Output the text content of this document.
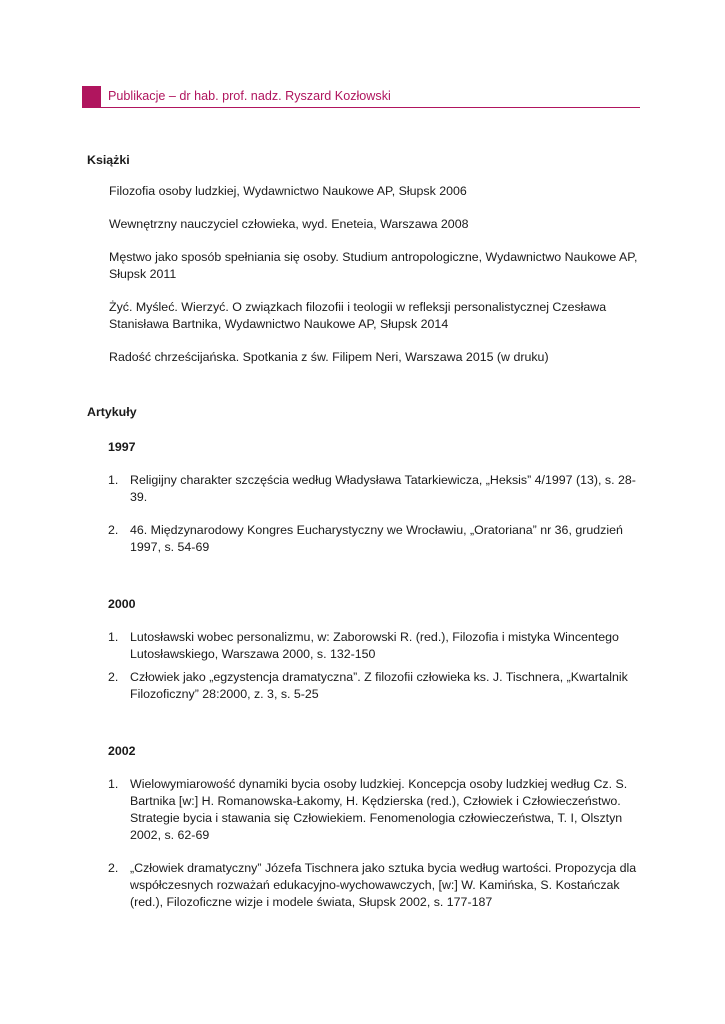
Publikacje – dr hab. prof. nadz. Ryszard Kozłowski

Książki

Filozofia osoby ludzkiej, Wydawnictwo Naukowe AP, Słupsk 2006
Wewnętrzny nauczyciel człowieka, wyd. Eneteia, Warszawa 2008
Męstwo jako sposób spełniania się osoby. Studium antropologiczne, Wydawnictwo Naukowe AP, Słupsk 2011
Żyć. Myśleć. Wierzyć. O związkach filozofii i teologii w refleksji personalistycznej Czesława Stanisława Bartnika, Wydawnictwo Naukowe AP, Słupsk 2014
Radość chrześcijańska. Spotkania z św. Filipem Neri, Warszawa 2015 (w druku)

Artykuły

1997

1. Religijny charakter szczęścia według Władysława Tatarkiewicza, „Heksis” 4/1997 (13), s. 28-39.
2. 46. Międzynarodowy Kongres Eucharystyczny we Wrocławiu, „Oratoriana” nr 36, grudzień 1997, s. 54-69

2000

1. Lutosławski wobec personalizmu, w: Zaborowski R. (red.), Filozofia i mistyka Wincentego Lutosławskiego, Warszawa 2000, s. 132-150
2. Człowiek jako „egzystencja dramatyczna”. Z filozofii człowieka ks. J. Tischnera, „Kwartalnik Filozoficzny” 28:2000, z. 3, s. 5-25

2002

1. Wielowymiarowość dynamiki bycia osoby ludzkiej. Koncepcja osoby ludzkiej według Cz. S. Bartnika [w:] H. Romanowska-Łakomy, H. Kędzierska (red.), Człowiek i Człowieczeństwo. Strategie bycia i stawania się Człowiekiem. Fenomenologia człowieczeństwa, T. I, Olsztyn 2002, s. 62-69
2. „Człowiek dramatyczny” Józefa Tischnera jako sztuka bycia według wartości. Propozycja dla współczesnych rozważań edukacyjno-wychowawczych, [w:] W. Kamińska, S. Kostańczak (red.), Filozoficzne wizje i modele świata, Słupsk 2002, s. 177-187
